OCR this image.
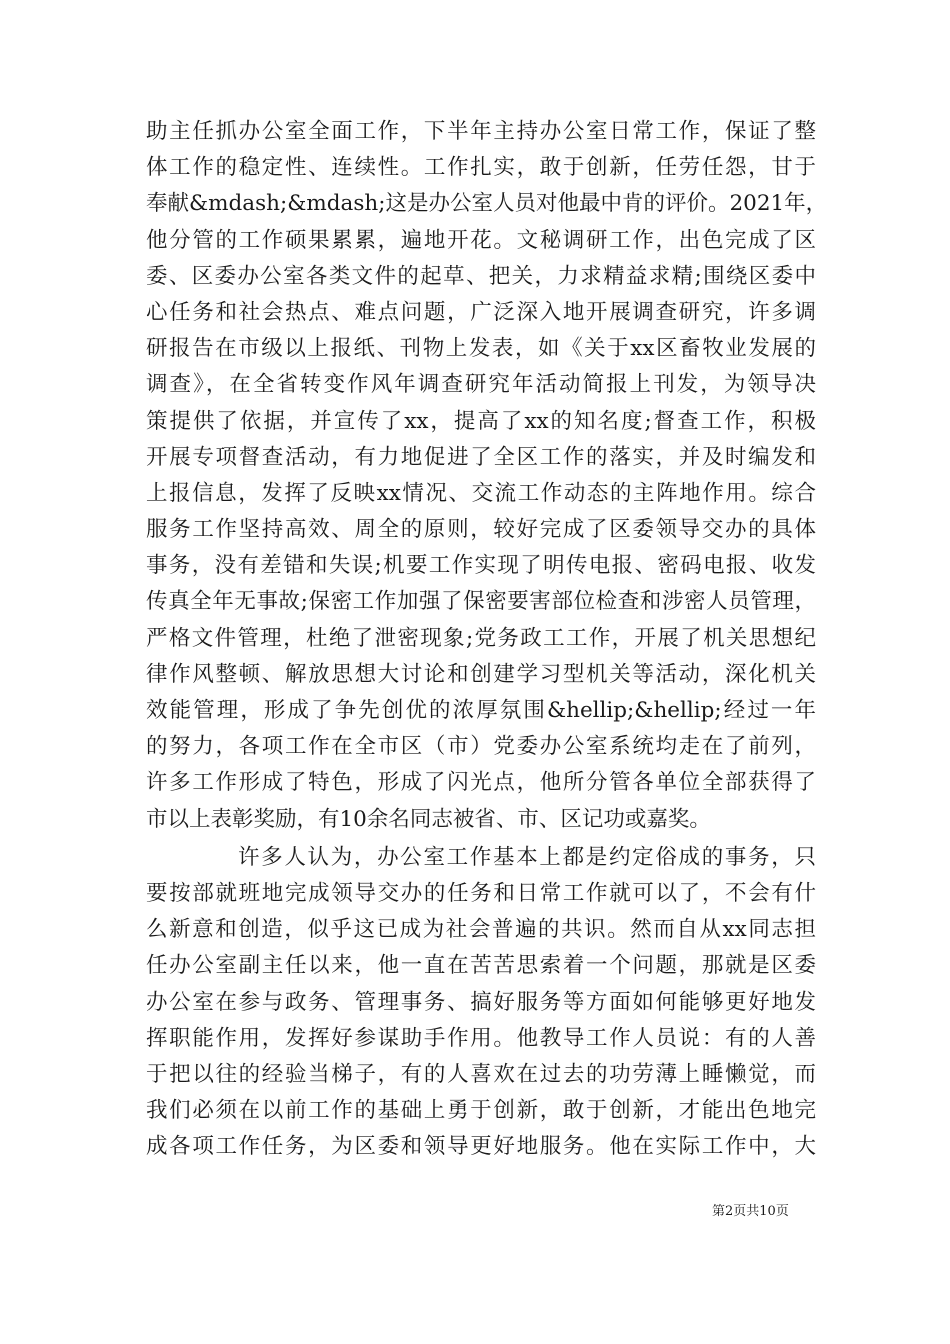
助主任抓办公室全面工作，下半年主持办公室日常工作，保证了整
体工作的稳定性、连续性。工作扎实，敢于创新，任劳任怨，甘于
奉献&mdash;&mdash;这是办公室人员对他最中肯的评价。2021年，
他分管的工作硕果累累，遍地开花。文秘调研工作，出色完成了区
委、区委办公室各类文件的起草、把关，力求精益求精;围绕区委中
心任务和社会热点、难点问题，广泛深入地开展调查研究，许多调
研报告在市级以上报纸、刊物上发表，如《关于xx区畜牧业发展的
调查》，在全省转变作风年调查研究年活动简报上刊发，为领导决
策提供了依据，并宣传了xx，提高了xx的知名度;督查工作，积极
开展专项督查活动，有力地促进了全区工作的落实，并及时编发和
上报信息，发挥了反映xx情况、交流工作动态的主阵地作用。综合
服务工作坚持高效、周全的原则，较好完成了区委领导交办的具体
事务，没有差错和失误;机要工作实现了明传电报、密码电报、收发
传真全年无事故;保密工作加强了保密要害部位检查和涉密人员管理，
严格文件管理，杜绝了泄密现象;党务政工工作，开展了机关思想纪
律作风整顿、解放思想大讨论和创建学习型机关等活动，深化机关
效能管理，形成了争先创优的浓厚氛围&hellip;&hellip;经过一年
的努力，各项工作在全市区（市）党委办公室系统均走在了前列，
许多工作形成了特色，形成了闪光点，他所分管各单位全部获得了
市以上表彰奖励，有10余名同志被省、市、区记功或嘉奖。
许多人认为，办公室工作基本上都是约定俗成的事务，只
要按部就班地完成领导交办的任务和日常工作就可以了，不会有什
么新意和创造，似乎这已成为社会普遍的共识。然而自从xx同志担
任办公室副主任以来，他一直在苦苦思索着一个问题，那就是区委
办公室在参与政务、管理事务、搞好服务等方面如何能够更好地发
挥职能作用，发挥好参谋助手作用。他教导工作人员说：有的人善
于把以往的经验当梯子，有的人喜欢在过去的功劳薄上睡懒觉，而
我们必须在以前工作的基础上勇于创新，敢于创新，才能出色地完
成各项工作任务，为区委和领导更好地服务。他在实际工作中，大
第2页共10页
